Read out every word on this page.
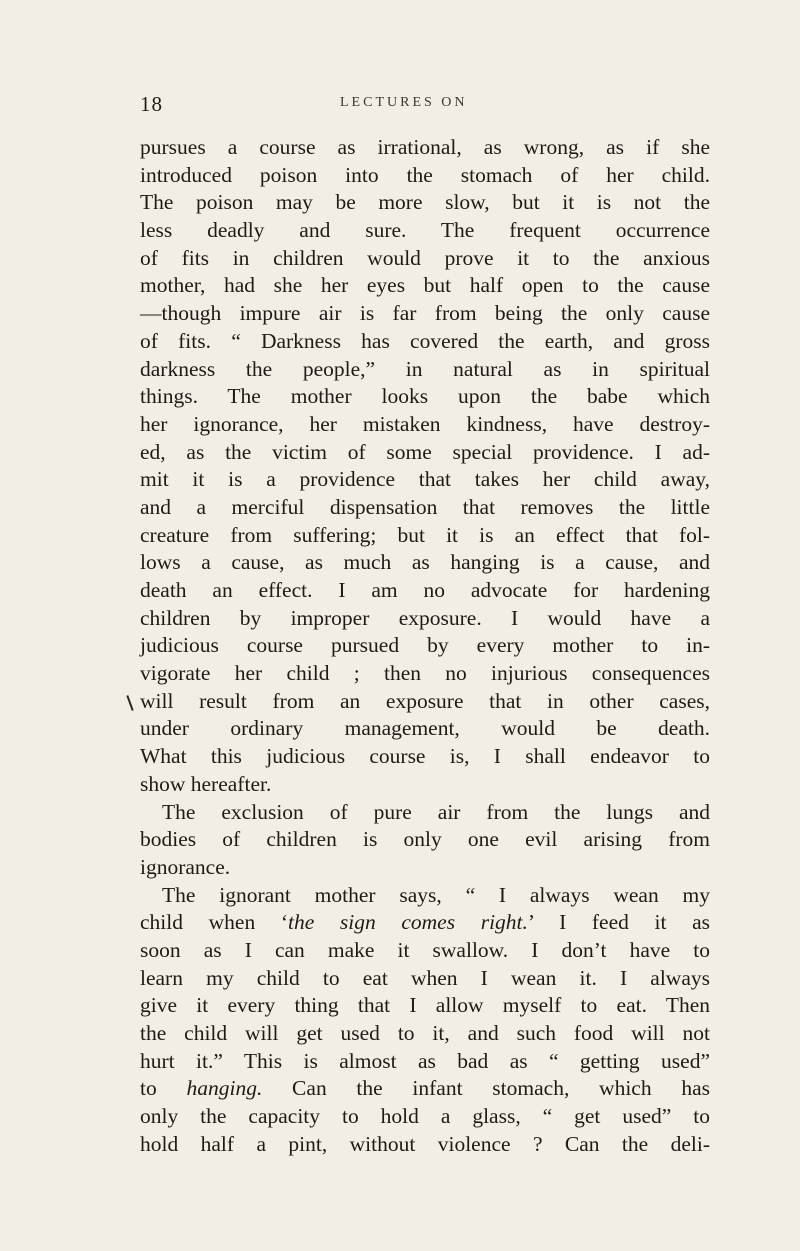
18	LECTURES ON
pursues a course as irrational, as wrong, as if she
introduced poison into the stomach of her child.
The poison may be more slow, but it is not the
less deadly and sure. The frequent occurrence
of fits in children would prove it to the anxious
mother, had she her eyes but half open to the cause
—though impure air is far from being the only cause
of fits. “ Darkness has covered the earth, and gross
darkness the people,” in natural as in spiritual
things. The mother looks upon the babe which
her ignorance, her mistaken kindness, have destroy-
ed, as the victim of some special providence. I ad-
mit it is a providence that takes her child away,
and a merciful dispensation that removes the little
creature from suffering; but it is an effect that fol-
lows a cause, as much as hanging is a cause, and
death an effect. I am no advocate for hardening
children by improper exposure. I would have a
judicious course pursued by every mother to in-
vigorate her child ; then no injurious consequences
will result from an exposure that in other cases,
under ordinary management, would be death.
What this judicious course is, I shall endeavor to
show hereafter.
The exclusion of pure air from the lungs and
bodies of children is only one evil arising from
ignorance.
The ignorant mother says, “ I always wean my
child when ‘the sign comes right.’ I feed it as
soon as I can make it swallow. I don’t have to
learn my child to eat when I wean it. I always
give it every thing that I allow myself to eat. Then
the child will get used to it, and such food will not
hurt it.” This is almost as bad as “ getting used”
to hanging. Can the infant stomach, which has
only the capacity to hold a glass, “ get used” to
hold half a pint, without violence ? Can the deli-
